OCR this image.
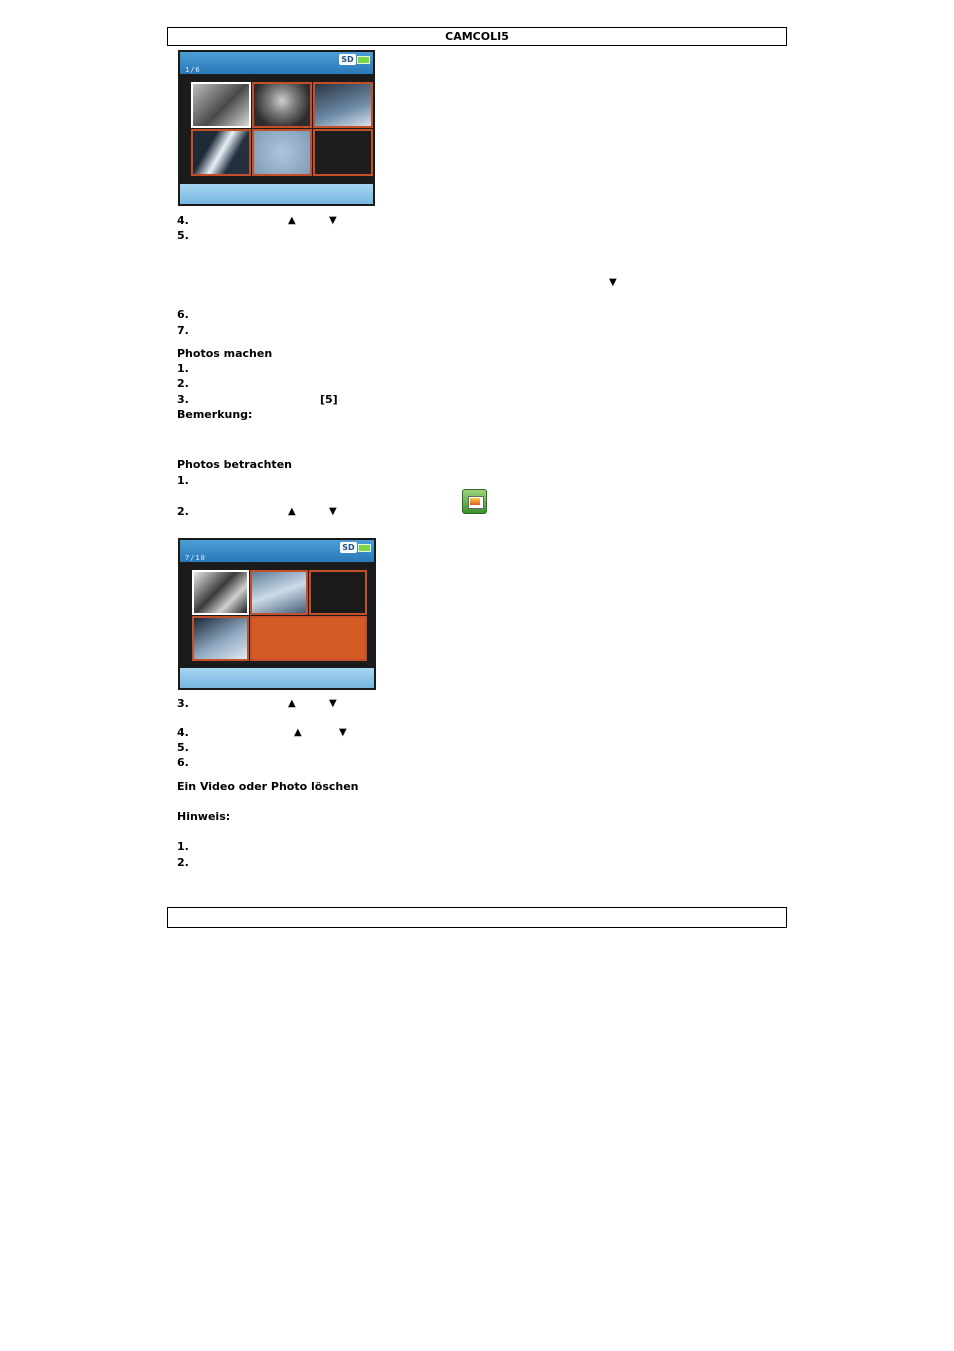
CAMCOLI5
1/6
SD
4.	▲	▼
5.
▼
6.
7.
Photos machen
1.
2.
3.	[5]
Bemerkung:
Photos betrachten
1.
2.	▲	▼
7/10
SD
3.	▲	▼
4.	▲	▼
5.
6.
Ein Video oder Photo löschen
Hinweis:
1.
2.
